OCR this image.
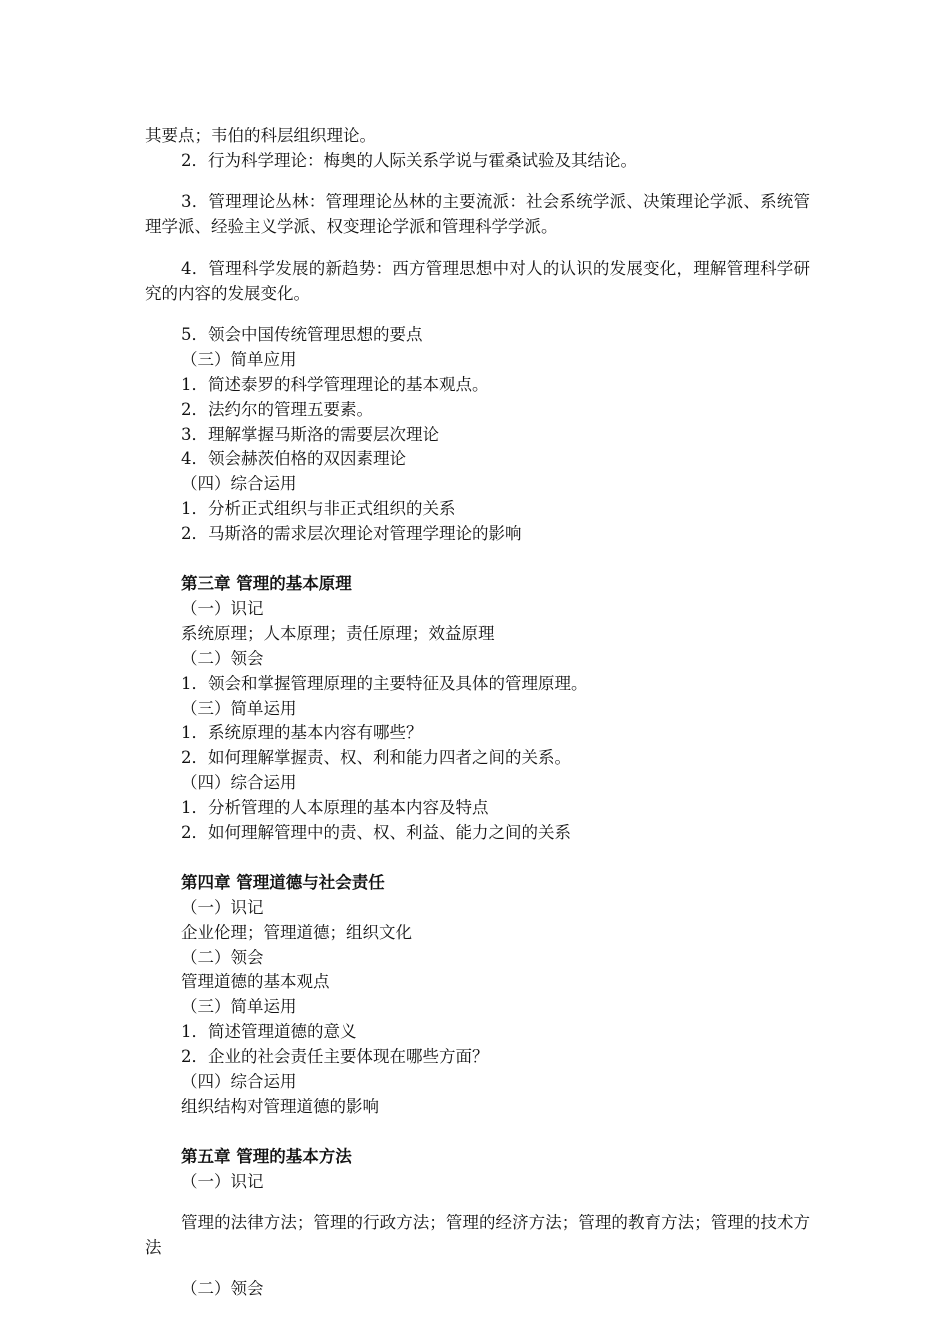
其要点；韦伯的科层组织理论。

2．行为科学理论：梅奥的人际关系学说与霍桑试验及其结论。

3．管理理论丛林：管理理论丛林的主要流派：社会系统学派、决策理论学派、系统管理学派、经验主义学派、权变理论学派和管理科学学派。

4．管理科学发展的新趋势：西方管理思想中对人的认识的发展变化，理解管理科学研究的内容的发展变化。

5．领会中国传统管理思想的要点

（三）简单应用

1．简述泰罗的科学管理理论的基本观点。

2．法约尔的管理五要素。

3．理解掌握马斯洛的需要层次理论

4．领会赫茨伯格的双因素理论

（四）综合运用

1．分析正式组织与非正式组织的关系

2．马斯洛的需求层次理论对管理学理论的影响

第三章 管理的基本原理

（一）识记

系统原理；人本原理；责任原理；效益原理

（二）领会

1．领会和掌握管理原理的主要特征及具体的管理原理。

（三）简单运用

1．系统原理的基本内容有哪些？

2．如何理解掌握责、权、利和能力四者之间的关系。

（四）综合运用

1．分析管理的人本原理的基本内容及特点

2．如何理解管理中的责、权、利益、能力之间的关系

第四章 管理道德与社会责任

（一）识记

企业伦理；管理道德；组织文化

（二）领会

管理道德的基本观点

（三）简单运用

1．简述管理道德的意义

2．企业的社会责任主要体现在哪些方面？

（四）综合运用

组织结构对管理道德的影响

第五章 管理的基本方法

（一）识记

管理的法律方法；管理的行政方法；管理的经济方法；管理的教育方法；管理的技术方法

（二）领会
